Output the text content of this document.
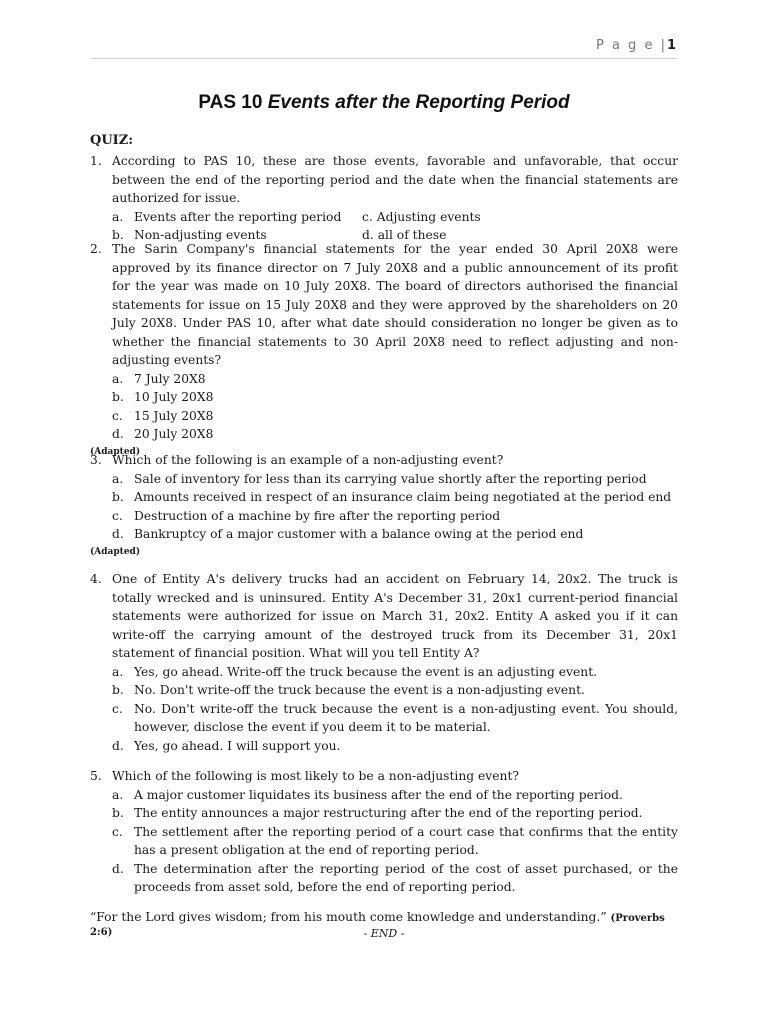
P a g e |1
PAS 10 Events after the Reporting Period
QUIZ:
1. According to PAS 10, these are those events, favorable and unfavorable, that occur between the end of the reporting period and the date when the financial statements are authorized for issue.
a. Events after the reporting period	c. Adjusting events
b. Non-adjusting events	d. all of these
2. The Sarin Company's financial statements for the year ended 30 April 20X8 were approved by its finance director on 7 July 20X8 and a public announcement of its profit for the year was made on 10 July 20X8. The board of directors authorised the financial statements for issue on 15 July 20X8 and they were approved by the shareholders on 20 July 20X8. Under PAS 10, after what date should consideration no longer be given as to whether the financial statements to 30 April 20X8 need to reflect adjusting and non-adjusting events?
a. 7 July 20X8
b. 10 July 20X8
c. 15 July 20X8
d. 20 July 20X8
(Adapted)
3. Which of the following is an example of a non-adjusting event?
a. Sale of inventory for less than its carrying value shortly after the reporting period
b. Amounts received in respect of an insurance claim being negotiated at the period end
c. Destruction of a machine by fire after the reporting period
d. Bankruptcy of a major customer with a balance owing at the period end
(Adapted)
4. One of Entity A's delivery trucks had an accident on February 14, 20x2. The truck is totally wrecked and is uninsured. Entity A's December 31, 20x1 current-period financial statements were authorized for issue on March 31, 20x2. Entity A asked you if it can write-off the carrying amount of the destroyed truck from its December 31, 20x1 statement of financial position. What will you tell Entity A?
a. Yes, go ahead. Write-off the truck because the event is an adjusting event.
b. No. Don't write-off the truck because the event is a non-adjusting event.
c. No. Don't write-off the truck because the event is a non-adjusting event. You should, however, disclose the event if you deem it to be material.
d. Yes, go ahead. I will support you.
5. Which of the following is most likely to be a non-adjusting event?
a. A major customer liquidates its business after the end of the reporting period.
b. The entity announces a major restructuring after the end of the reporting period.
c. The settlement after the reporting period of a court case that confirms that the entity has a present obligation at the end of reporting period.
d. The determination after the reporting period of the cost of asset purchased, or the proceeds from asset sold, before the end of reporting period.
“For the Lord gives wisdom; from his mouth come knowledge and understanding.” (Proverbs 2:6)	- END -
